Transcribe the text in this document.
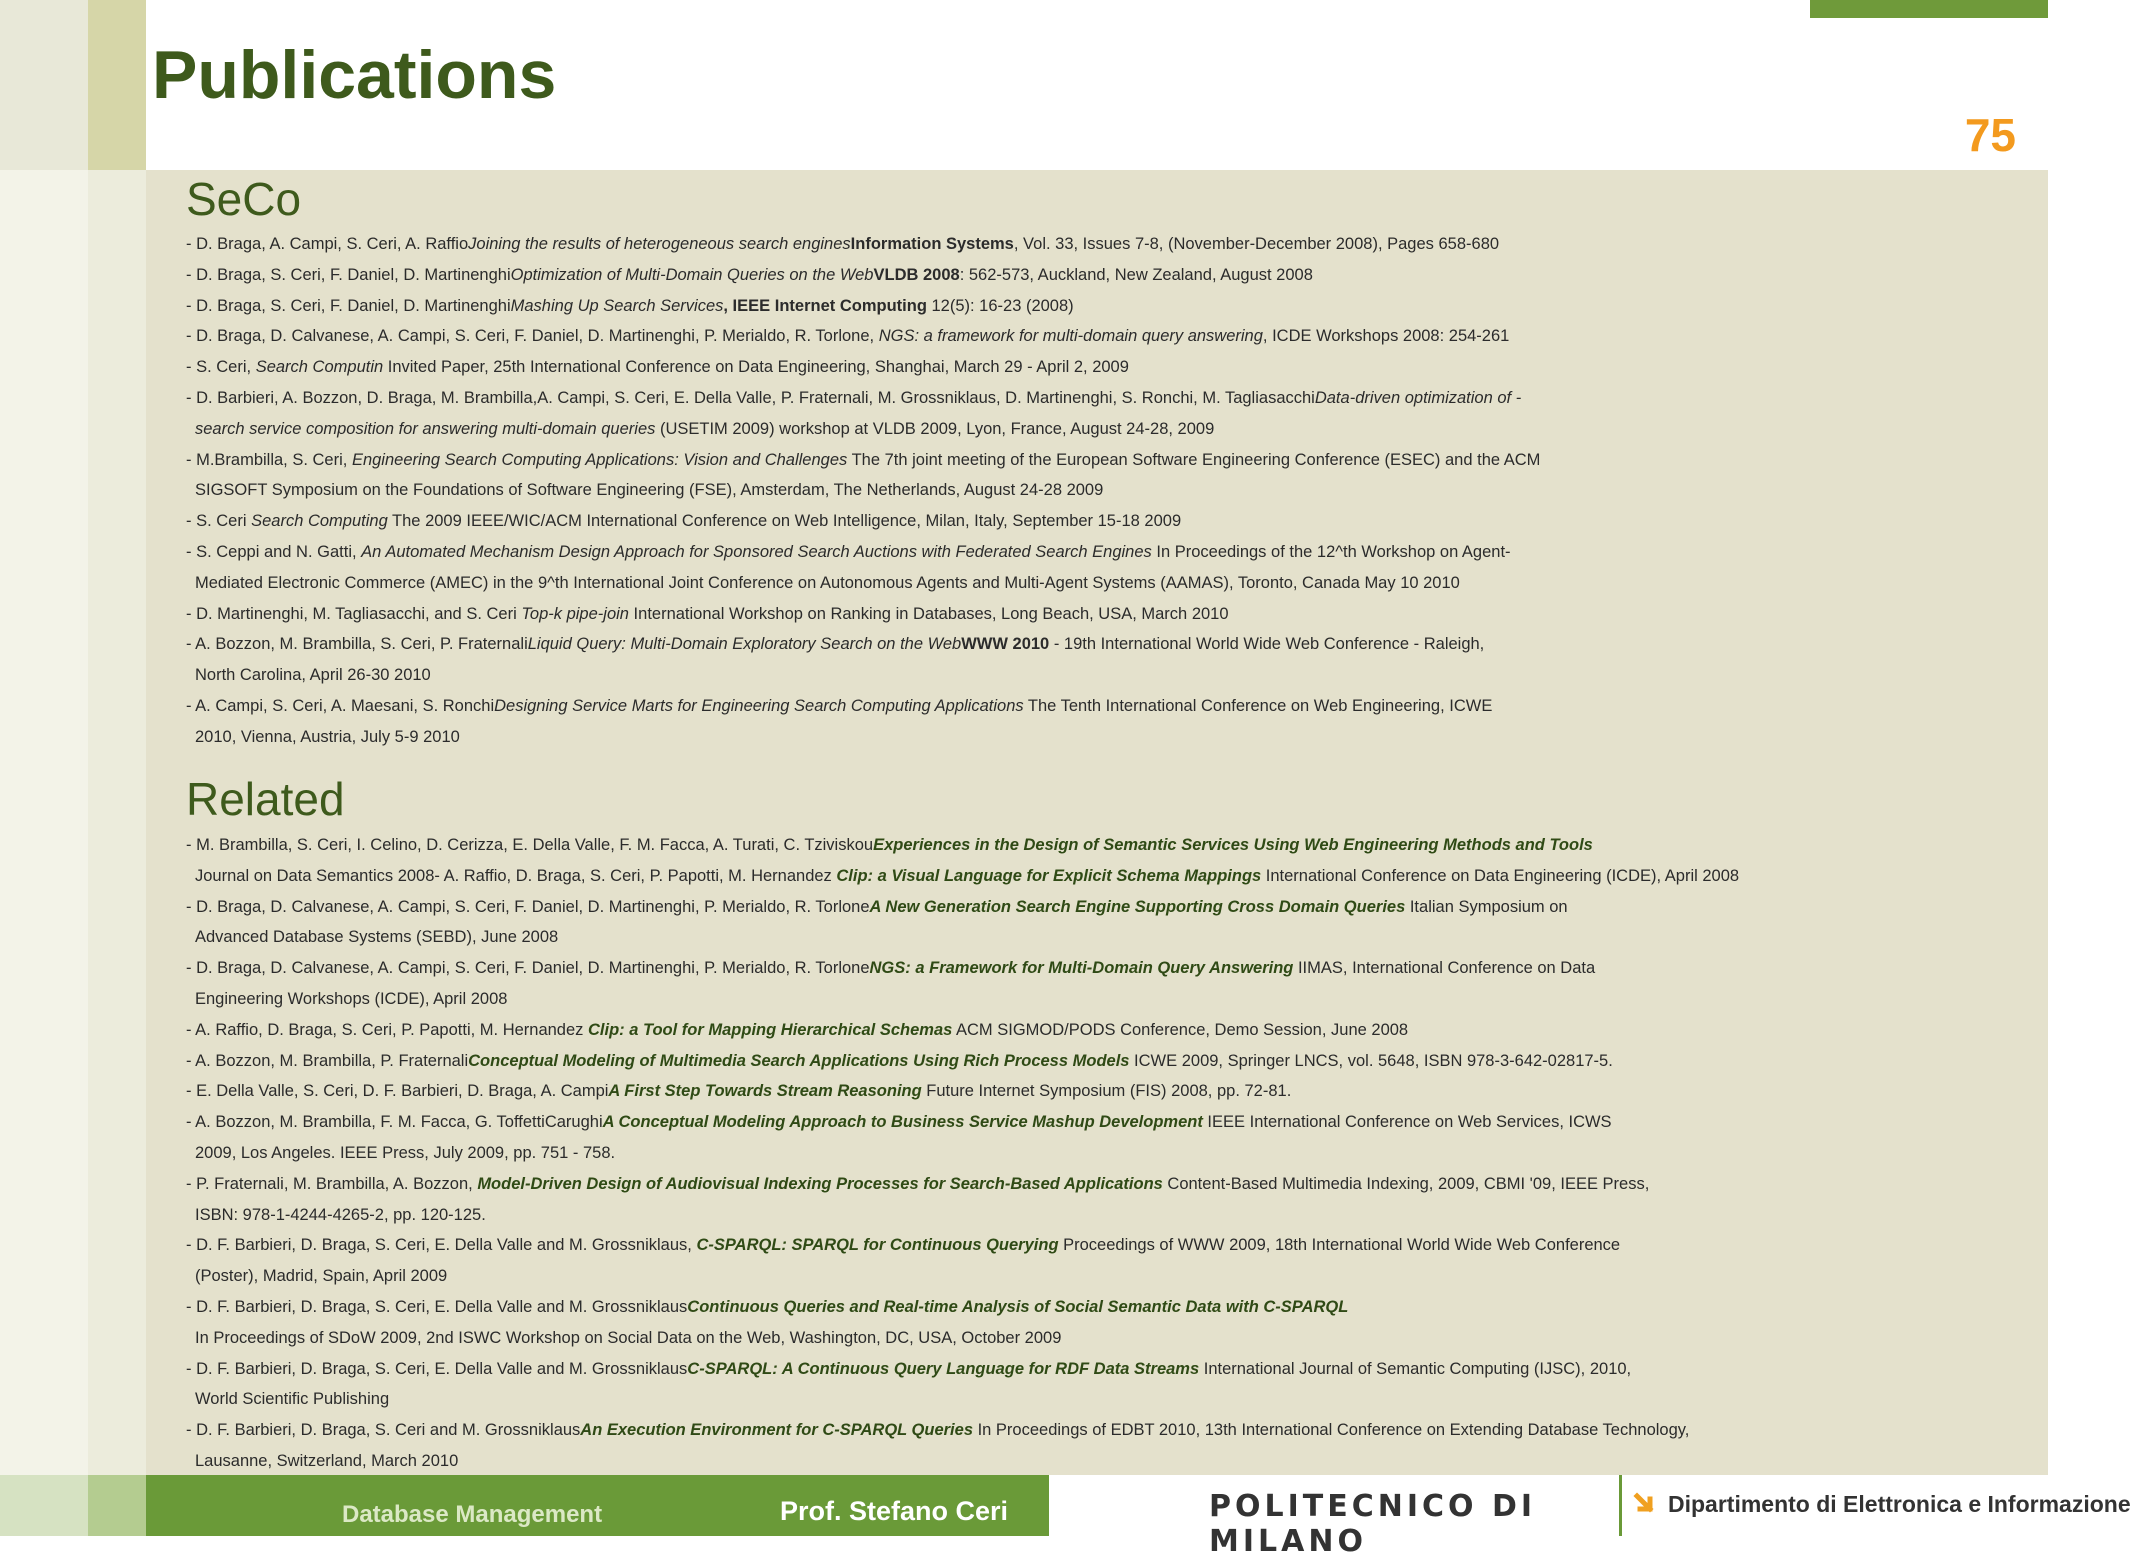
Publications
75
SeCo
- D. Braga, A. Campi, S. Ceri, A. RaffioJoining the results of heterogeneous search enginesInformation Systems, Vol. 33, Issues 7-8, (November-December 2008), Pages 658-680
- D. Braga, S. Ceri, F. Daniel, D. MartinenghiOptimization of Multi-Domain Queries on the WebVLDB 2008: 562-573, Auckland, New Zealand, August 2008
- D. Braga, S. Ceri, F. Daniel, D. MartinenghiMashing Up Search Services, IEEE Internet Computing 12(5): 16-23 (2008)
- D. Braga, D. Calvanese, A. Campi, S. Ceri, F. Daniel, D. Martinenghi, P. Merialdo, R. Torlone, NGS: a framework for multi-domain query answering, ICDE Workshops 2008: 254-261
- S. Ceri, Search Computin Invited Paper, 25th International Conference on Data Engineering, Shanghai, March 29 - April 2, 2009
- D. Barbieri, A. Bozzon, D. Braga, M. Brambilla,A. Campi, S. Ceri, E. Della Valle, P. Fraternali, M. Grossniklaus, D. Martinenghi, S. Ronchi, M. TagliasacchiData-driven optimization of -
search service composition for answering multi-domain queries (USETIM 2009) workshop at VLDB 2009, Lyon, France, August 24-28, 2009
- M.Brambilla, S. Ceri, Engineering Search Computing Applications: Vision and Challenges The 7th joint meeting of the European Software Engineering Conference (ESEC) and the ACM
SIGSOFT Symposium on the Foundations of Software Engineering (FSE), Amsterdam, The Netherlands, August 24-28 2009
- S. Ceri Search Computing The 2009 IEEE/WIC/ACM International Conference on Web Intelligence, Milan, Italy, September 15-18 2009
- S. Ceppi and N. Gatti, An Automated Mechanism Design Approach for Sponsored Search Auctions with Federated Search Engines In Proceedings of the 12^th Workshop on Agent-
Mediated Electronic Commerce (AMEC) in the 9^th International Joint Conference on Autonomous Agents and Multi-Agent Systems (AAMAS), Toronto, Canada May 10 2010
- D. Martinenghi, M. Tagliasacchi, and S. Ceri Top-k pipe-join International Workshop on Ranking in Databases, Long Beach, USA, March 2010
- A. Bozzon, M. Brambilla, S. Ceri, P. FraternaliLiquid Query: Multi-Domain Exploratory Search on the WebWWW 2010 - 19th International World Wide Web Conference - Raleigh,
North Carolina, April 26-30 2010
- A. Campi, S. Ceri, A. Maesani, S. RonchiDesigning Service Marts for Engineering Search Computing Applications The Tenth International Conference on Web Engineering, ICWE
2010, Vienna, Austria, July 5-9 2010
Related
- M. Brambilla, S. Ceri, I. Celino, D. Cerizza, E. Della Valle, F. M. Facca, A. Turati, C. TziviskouExperiences in the Design of Semantic Services Using Web Engineering Methods and Tools
Journal on Data Semantics 2008- A. Raffio, D. Braga, S. Ceri, P. Papotti, M. Hernandez Clip: a Visual Language for Explicit Schema Mappings International Conference on Data Engineering (ICDE), April 2008
- D. Braga, D. Calvanese, A. Campi, S. Ceri, F. Daniel, D. Martinenghi, P. Merialdo, R. TorloneA New Generation Search Engine Supporting Cross Domain Queries Italian Symposium on
Advanced Database Systems (SEBD), June 2008
- D. Braga, D. Calvanese, A. Campi, S. Ceri, F. Daniel, D. Martinenghi, P. Merialdo, R. TorloneNGS: a Framework for Multi-Domain Query Answering IIMAS, International Conference on Data
Engineering Workshops (ICDE), April 2008
- A. Raffio, D. Braga, S. Ceri, P. Papotti, M. Hernandez Clip: a Tool for Mapping Hierarchical Schemas ACM SIGMOD/PODS Conference, Demo Session, June 2008
- A. Bozzon, M. Brambilla, P. FraternaliConceptual Modeling of Multimedia Search Applications Using Rich Process Models ICWE 2009, Springer LNCS, vol. 5648, ISBN 978-3-642-02817-5.
- E. Della Valle, S. Ceri, D. F. Barbieri, D. Braga, A. CampiA First Step Towards Stream Reasoning Future Internet Symposium (FIS) 2008, pp. 72-81.
- A. Bozzon, M. Brambilla, F. M. Facca, G. ToffettiCarughiA Conceptual Modeling Approach to Business Service Mashup Development IEEE International Conference on Web Services, ICWS
2009, Los Angeles. IEEE Press, July 2009, pp. 751 - 758.
- P. Fraternali, M. Brambilla, A. Bozzon, Model-Driven Design of Audiovisual Indexing Processes for Search-Based Applications Content-Based Multimedia Indexing, 2009, CBMI '09, IEEE Press,
ISBN: 978-1-4244-4265-2, pp. 120-125.
- D. F. Barbieri, D. Braga, S. Ceri, E. Della Valle and M. Grossniklaus, C-SPARQL: SPARQL for Continuous Querying Proceedings of WWW 2009, 18th International World Wide Web Conference
(Poster), Madrid, Spain, April 2009
- D. F. Barbieri, D. Braga, S. Ceri, E. Della Valle and M. GrossniklausContinuous Queries and Real-time Analysis of Social Semantic Data with C-SPARQL
In Proceedings of SDoW 2009, 2nd ISWC Workshop on Social Data on the Web, Washington, DC, USA, October 2009
- D. F. Barbieri, D. Braga, S. Ceri, E. Della Valle and M. GrossniklausC-SPARQL: A Continuous Query Language for RDF Data Streams International Journal of Semantic Computing (IJSC), 2010,
World Scientific Publishing
- D. F. Barbieri, D. Braga, S. Ceri and M. GrossniklausAn Execution Environment for C-SPARQL Queries In Proceedings of EDBT 2010, 13th International Conference on Extending Database Technology,
Lausanne, Switzerland, March 2010
Database Management	Prof. Stefano Ceri	POLITECNICO DI MILANO
Dipartimento di Elettronica e Informazione
